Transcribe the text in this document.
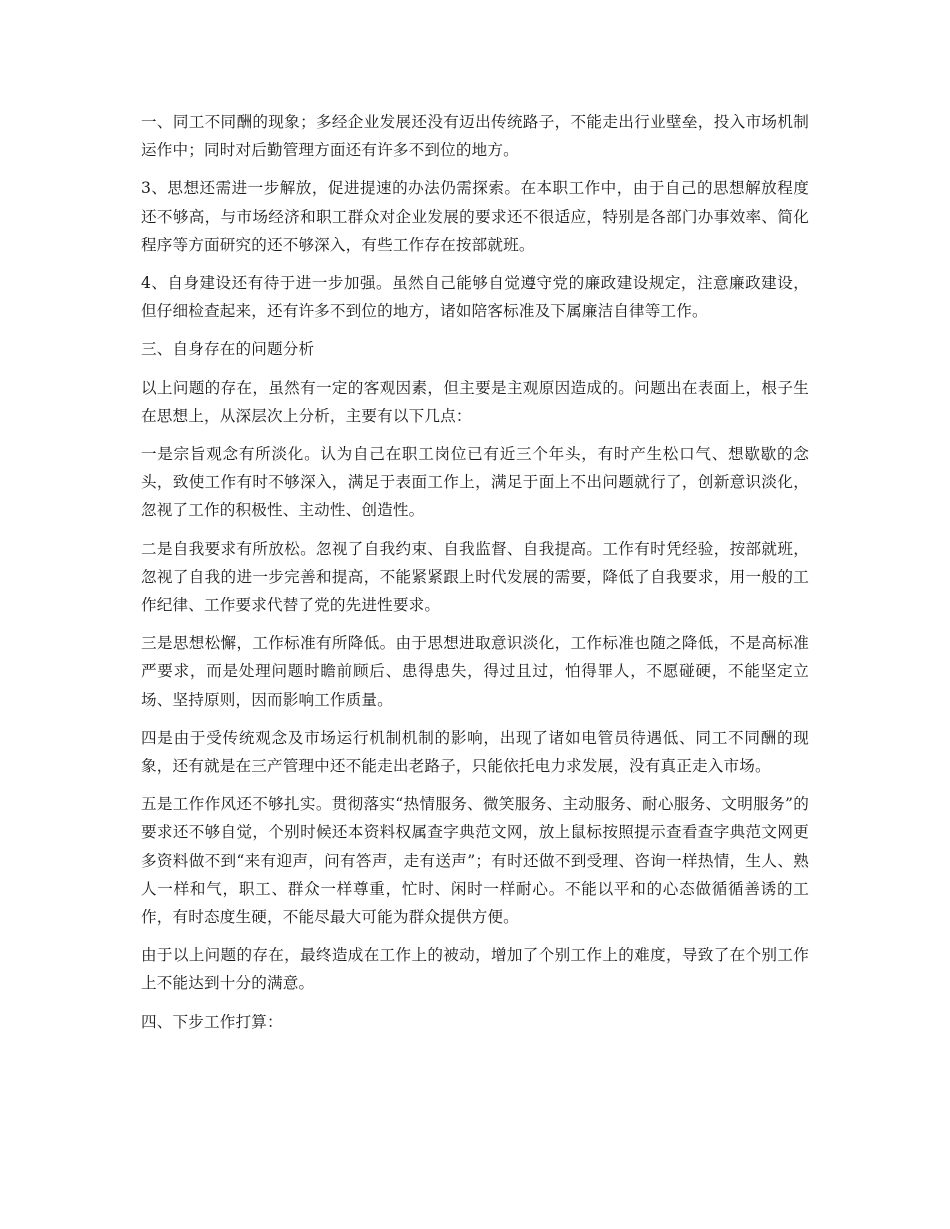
一、同工不同酬的现象；多经企业发展还没有迈出传统路子，不能走出行业壁垒，投入市场机制运作中；同时对后勤管理方面还有许多不到位的地方。

3、思想还需进一步解放，促进提速的办法仍需探索。在本职工作中，由于自己的思想解放程度还不够高，与市场经济和职工群众对企业发展的要求还不很适应，特别是各部门办事效率、简化程序等方面研究的还不够深入，有些工作存在按部就班。

4、自身建设还有待于进一步加强。虽然自己能够自觉遵守党的廉政建设规定，注意廉政建设，但仔细检查起来，还有许多不到位的地方，诸如陪客标准及下属廉洁自律等工作。

三、自身存在的问题分析

以上问题的存在，虽然有一定的客观因素，但主要是主观原因造成的。问题出在表面上，根子生在思想上，从深层次上分析，主要有以下几点：

一是宗旨观念有所淡化。认为自己在职工岗位已有近三个年头，有时产生松口气、想歇歇的念头，致使工作有时不够深入，满足于表面工作上，满足于面上不出问题就行了，创新意识淡化，忽视了工作的积极性、主动性、创造性。

二是自我要求有所放松。忽视了自我约束、自我监督、自我提高。工作有时凭经验，按部就班，忽视了自我的进一步完善和提高，不能紧紧跟上时代发展的需要，降低了自我要求，用一般的工作纪律、工作要求代替了党的先进性要求。

三是思想松懈，工作标准有所降低。由于思想进取意识淡化，工作标准也随之降低，不是高标准严要求，而是处理问题时瞻前顾后、患得患失，得过且过，怕得罪人，不愿碰硬，不能坚定立场、坚持原则，因而影响工作质量。

四是由于受传统观念及市场运行机制机制的影响，出现了诸如电管员待遇低、同工不同酬的现象，还有就是在三产管理中还不能走出老路子，只能依托电力求发展，没有真正走入市场。

五是工作作风还不够扎实。贯彻落实“热情服务、微笑服务、主动服务、耐心服务、文明服务”的要求还不够自觉，个别时候还本资料权属查字典范文网，放上鼠标按照提示查看查字典范文网更多资料做不到“来有迎声，问有答声，走有送声”；有时还做不到受理、咨询一样热情，生人、熟人一样和气，职工、群众一样尊重，忙时、闲时一样耐心。不能以平和的心态做循循善诱的工作，有时态度生硬，不能尽最大可能为群众提供方便。

由于以上问题的存在，最终造成在工作上的被动，增加了个别工作上的难度，导致了在个别工作上不能达到十分的满意。

四、下步工作打算：
